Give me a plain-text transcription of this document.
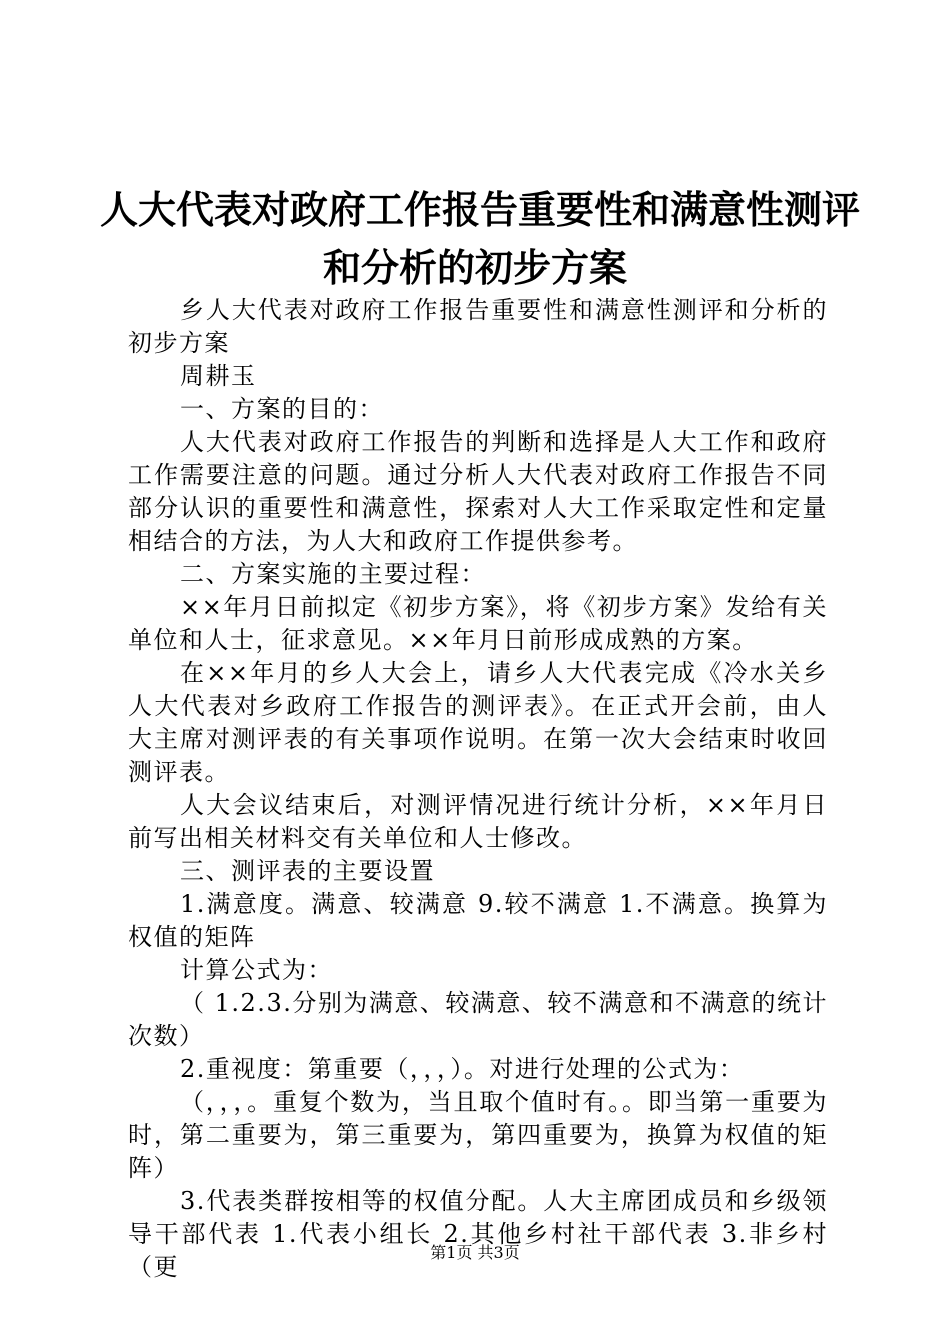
人大代表对政府工作报告重要性和满意性测评
和分析的初步方案

乡人大代表对政府工作报告重要性和满意性测评和分析的初步方案

周耕玉

一、方案的目的：

人大代表对政府工作报告的判断和选择是人大工作和政府工作需要注意的问题。通过分析人大代表对政府工作报告不同部分认识的重要性和满意性，探索对人大工作采取定性和定量相结合的方法，为人大和政府工作提供参考。

二、方案实施的主要过程：

××年月日前拟定《初步方案》，将《初步方案》发给有关单位和人士，征求意见。××年月日前形成成熟的方案。

在××年月的乡人大会上，请乡人大代表完成《冷水关乡人大代表对乡政府工作报告的测评表》。在正式开会前，由人大主席对测评表的有关事项作说明。在第一次大会结束时收回测评表。

人大会议结束后，对测评情况进行统计分析，××年月日前写出相关材料交有关单位和人士修改。

三、测评表的主要设置

1.满意度。满意、较满意 9.较不满意 1.不满意。换算为权值的矩阵

计算公式为：

（ 1.2.3.分别为满意、较满意、较不满意和不满意的统计次数）

2.重视度：第重要（，，，）。对进行处理的公式为：

（，，，。重复个数为，当且取个值时有。。即当第一重要为时，第二重要为，第三重要为，第四重要为，换算为权值的矩阵）

3.代表类群按相等的权值分配。人大主席团成员和乡级领导干部代表 1.代表小组长 2.其他乡村社干部代表 3.非乡村（更

第1页 共3页
